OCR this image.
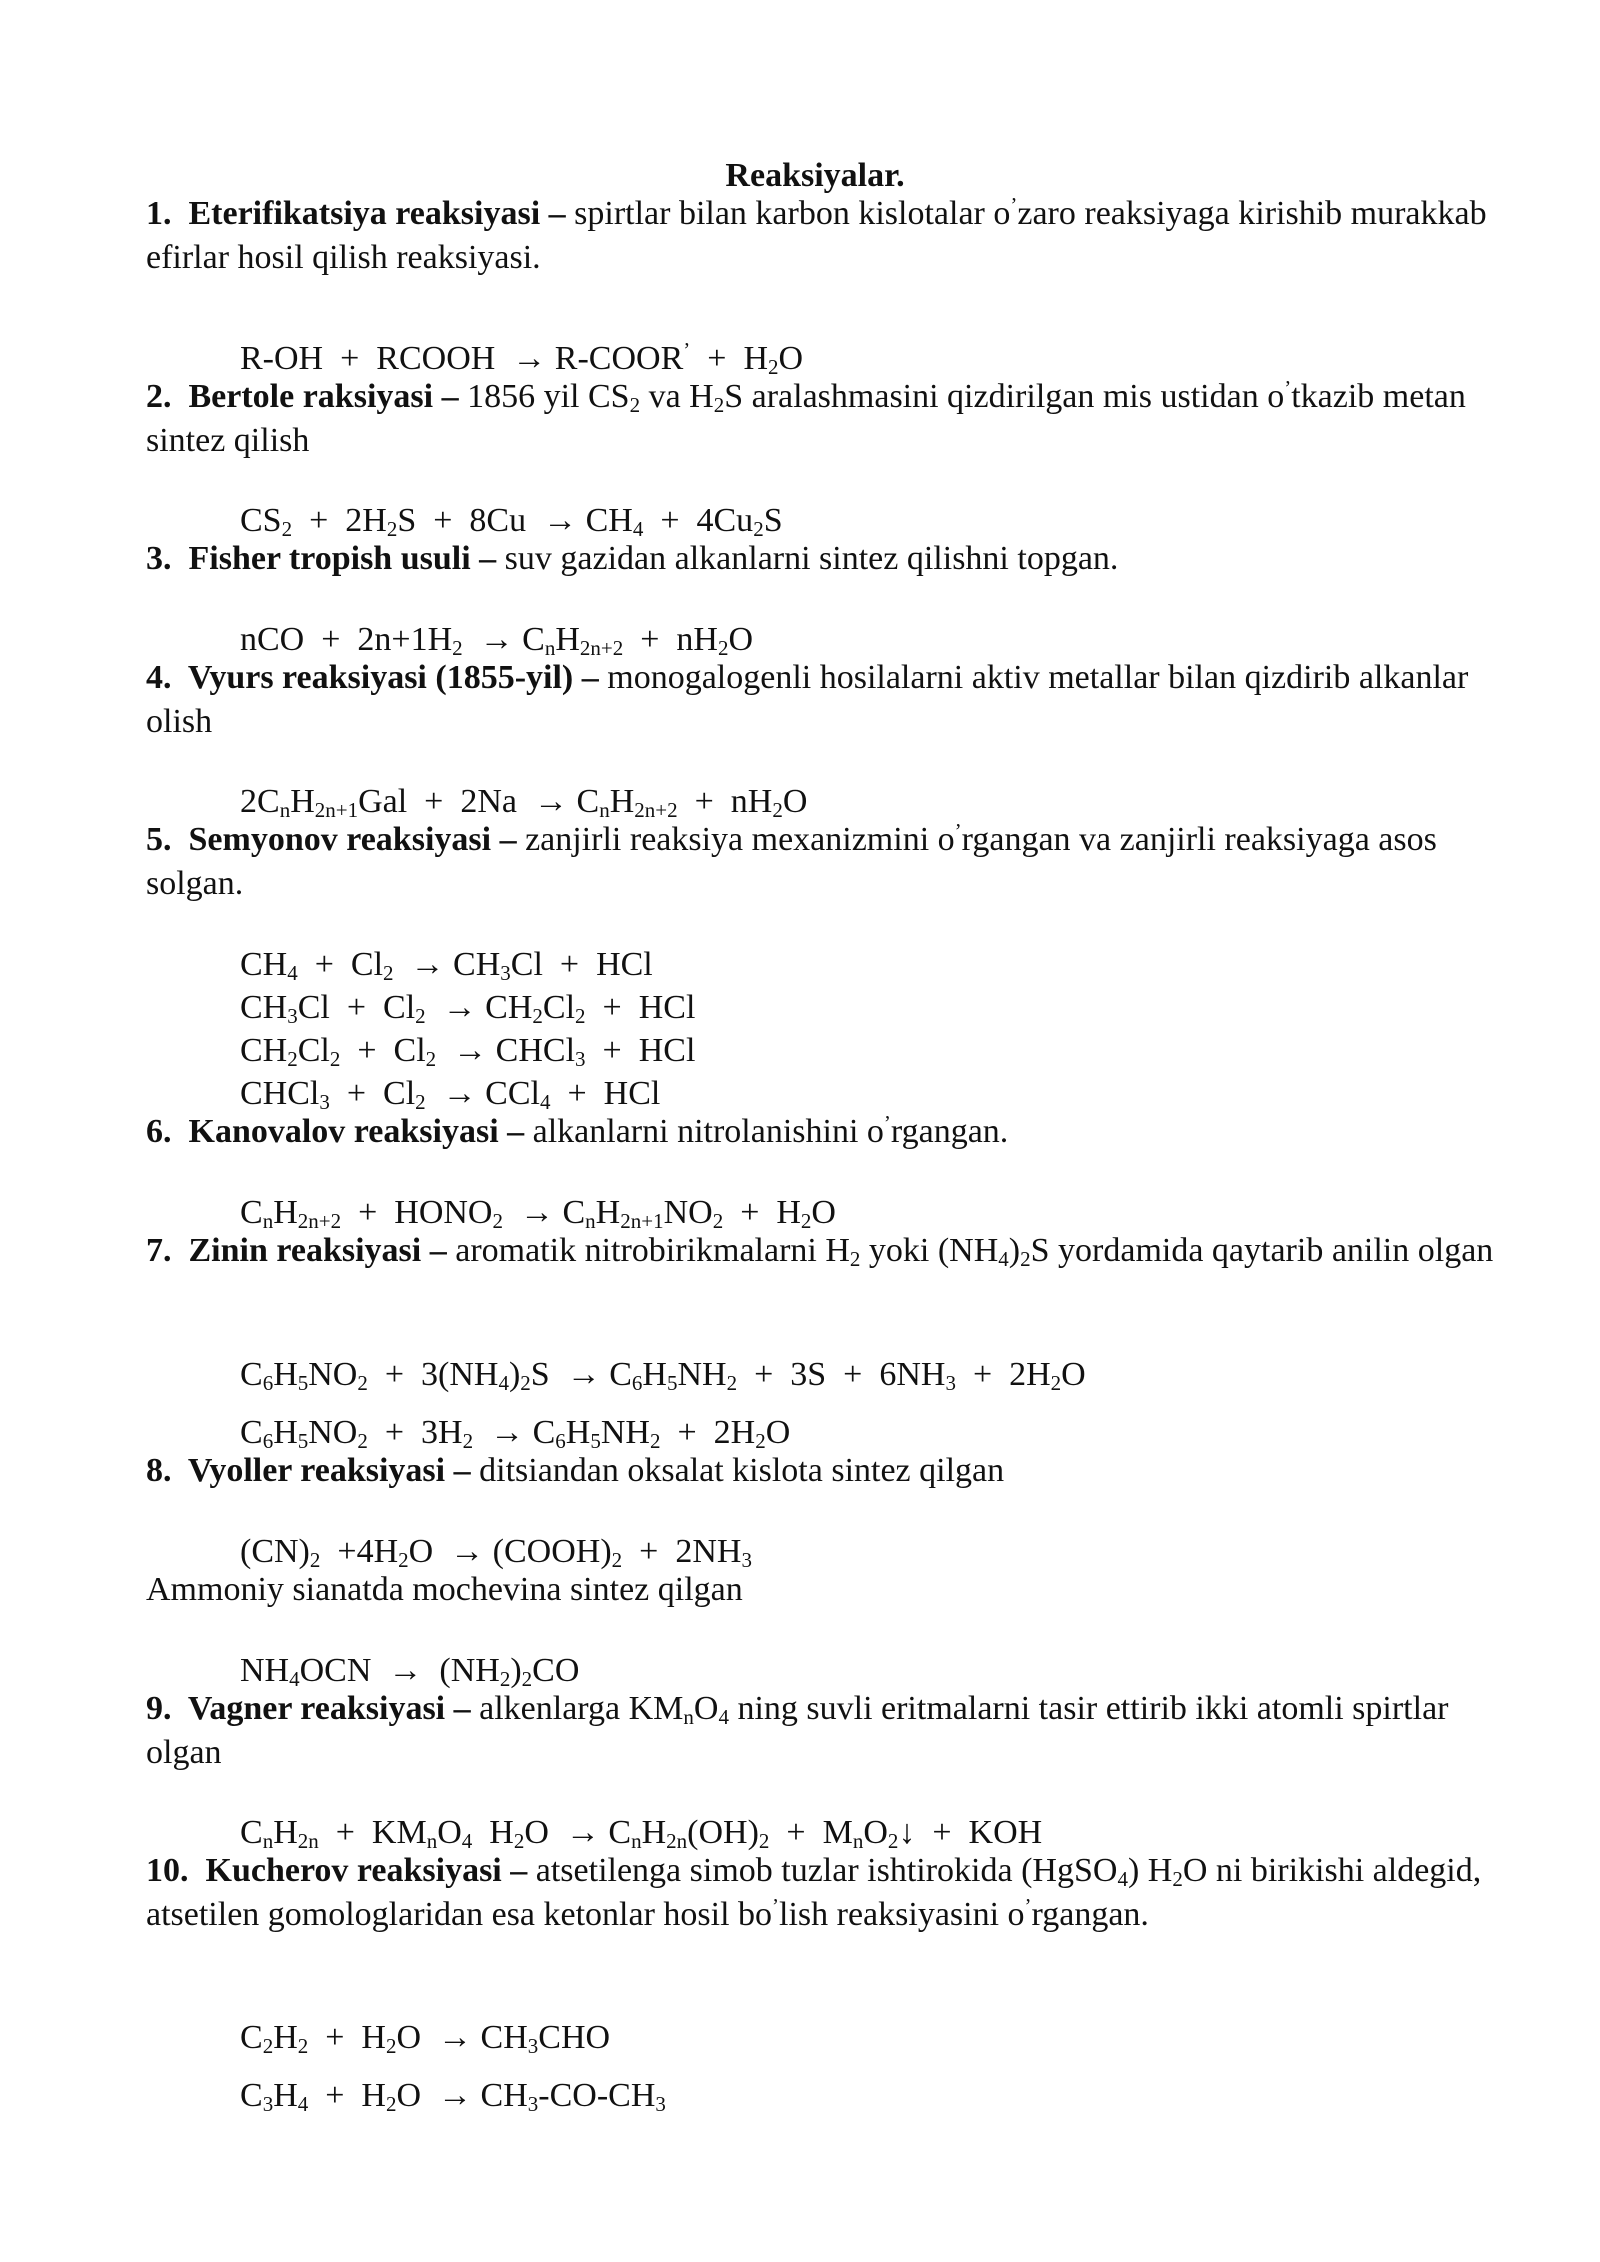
Reaksiyalar.
1.  Eterifikatsiya reaksiyasi – spirtlar bilan karbon kislotalar o’zaro reaksiyaga kirishib murakkab efirlar hosil qilish reaksiyasi.
R-OH  +  RCOOH  → R-COOR’  +  $H_2O$
2.  Bertole raksiyasi – 1856 yil $CS_2$ va $H_2S$ aralashmasini qizdirilgan mis ustidan o’tkazib metan sintez qilish
$CS_2 + 2H_2S + 8Cu \to CH_4 + 4Cu_2S$
3.  Fisher tropish usuli – suv gazidan alkanlarni sintez qilishni topgan.
nCO  +  $2n+1H_2 \to C_nH_{2n+2} + nH_2O$
4.  Vyurs reaksiyasi (1855-yil) – monogalogenli hosilalarni aktiv metallar bilan qizdirib alkanlar olish
$2C_nH_{2n+1}Gal + 2Na \to C_nH_{2n+2} + nH_2O$
5.  Semyonov reaksiyasi – zanjirli reaksiya mexanizmini o’rgangan va zanjirli reaksiyaga asos solgan.
$CH_4 + Cl_2 \to CH_3Cl$  +  HCl
$CH_3Cl + Cl_2 \to CH_2Cl_2$  +  HCl
$CH_2Cl_2 + Cl_2$  → CHCl$_3$  +  HCl
CHCl$_3$  +  $Cl_2 \to CCl_4$  +  HCl
6.  Kanovalov reaksiyasi – alkanlarni nitrolanishini o’rgangan.
$C_nH_{2n+2}$  +  $HONO_2 \to C_nH_{2n+1}NO_2 + H_2O$
7.  Zinin reaksiyasi – aromatik nitrobirikmalarni $H_2$ yoki $(NH_4)_2S$ yordamida qaytarib anilin olgan
$C_6H_5NO_2 + 3(NH_4)_2S \to C_6H_5NH_2 + 3S + 6NH_3 + 2H_2O$
$C_6H_5NO_2 + 3H_2 \to C_6H_5NH_2 + 2H_2O$
8.  Vyoller reaksiyasi – ditsiandan oksalat kislota sintez qilgan
$(CN)_2 +4H_2O$  → $(COOH)_2 + 2NH_3$
Ammoniy sianatda mochevina sintez qilgan
$NH_4OCN \to (NH_2)_2CO$
9.  Vagner reaksiyasi – alkenlarga $KM_nO_4$ ning suvli eritmalarni tasir ettirib ikki atomli spirtlar olgan
$C_nH_{2n} + KM_nO_4$  $H_2O \to C_nH_{2n}(OH)_2$  +  $M_nO_2↓$  +  KOH
10.  Kucherov reaksiyasi – atsetilenga simob tuzlar ishtirokida (HgSO$_4$) $H_2O$ ni birikishi aldegid, atsetilen gomologlaridan esa ketonlar hosil bo’lish reaksiyasini o’rgangan.
$C_2H_2 + H_2O \to CH_3CHO$
$C_3H_4 + H_2O \to CH_3-CO-CH_3$
